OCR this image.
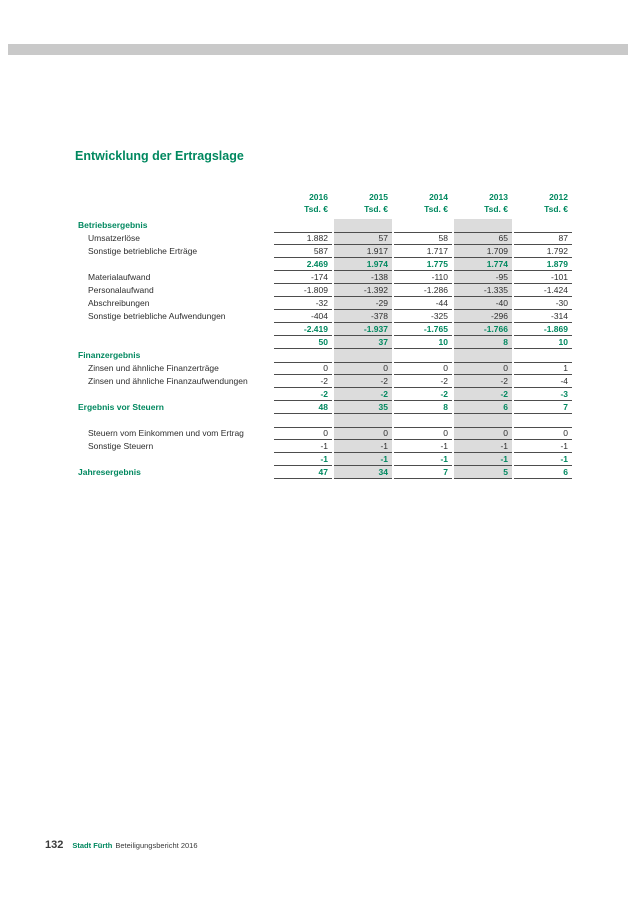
Entwicklung der Ertragslage
2016	2015	2014	2013	2012
Tsd. €	Tsd. €	Tsd. €	Tsd. €	Tsd. €
Betriebsergebnis
Umsatzerlöse	1.882	57	58	65	87
Sonstige betriebliche Erträge	587	1.917	1.717	1.709	1.792
2.469	1.974	1.775	1.774	1.879
Materialaufwand	-174	-138	-110	-95	-101
Personalaufwand	-1.809	-1.392	-1.286	-1.335	-1.424
Abschreibungen	-32	-29	-44	-40	-30
Sonstige betriebliche Aufwendungen	-404	-378	-325	-296	-314
-2.419	-1.937	-1.765	-1.766	-1.869
50	37	10	8	10
Finanzergebnis
Zinsen und ähnliche Finanzerträge	0	0	0	0	1
Zinsen und ähnliche Finanzaufwendungen	-2	-2	-2	-2	-4
-2	-2	-2	-2	-3
Ergebnis vor Steuern	48	35	8	6	7
Steuern vom Einkommen und vom Ertrag	0	0	0	0	0
Sonstige Steuern	-1	-1	-1	-1	-1
-1	-1	-1	-1	-1
Jahresergebnis	47	34	7	5	6
132 Stadt Fürth Beteiligungsbericht 2016
